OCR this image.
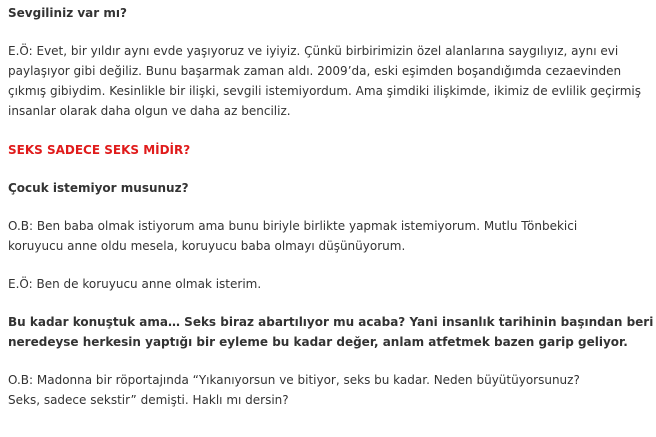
Sevgiliniz var mı?

E.Ö: Evet, bir yıldır aynı evde yaşıyoruz ve iyiyiz. Çünkü birbirimizin özel alanlarına saygılıyız, aynı evi
paylaşıyor gibi değiliz. Bunu başarmak zaman aldı. 2009’da, eski eşimden boşandığımda cezaevinden
çıkmış gibiydim. Kesinlikle bir ilişki, sevgili istemiyordum. Ama şimdiki ilişkimde, ikimiz de evlilik geçirmiş
insanlar olarak daha olgun ve daha az benciliz.

SEKS SADECE SEKS MİDİR?

Çocuk istemiyor musunuz?

O.B: Ben baba olmak istiyorum ama bunu biriyle birlikte yapmak istemiyorum. Mutlu Tönbekici
koruyucu anne oldu mesela, koruyucu baba olmayı düşünüyorum.

E.Ö: Ben de koruyucu anne olmak isterim.

Bu kadar konuştuk ama… Seks biraz abartılıyor mu acaba? Yani insanlık tarihinin başından beri
neredeyse herkesin yaptığı bir eyleme bu kadar değer, anlam atfetmek bazen garip geliyor.

O.B: Madonna bir röportajında “Yıkanıyorsun ve bitiyor, seks bu kadar. Neden büyütüyorsunuz?
Seks, sadece sekstir” demişti. Haklı mı dersin?
